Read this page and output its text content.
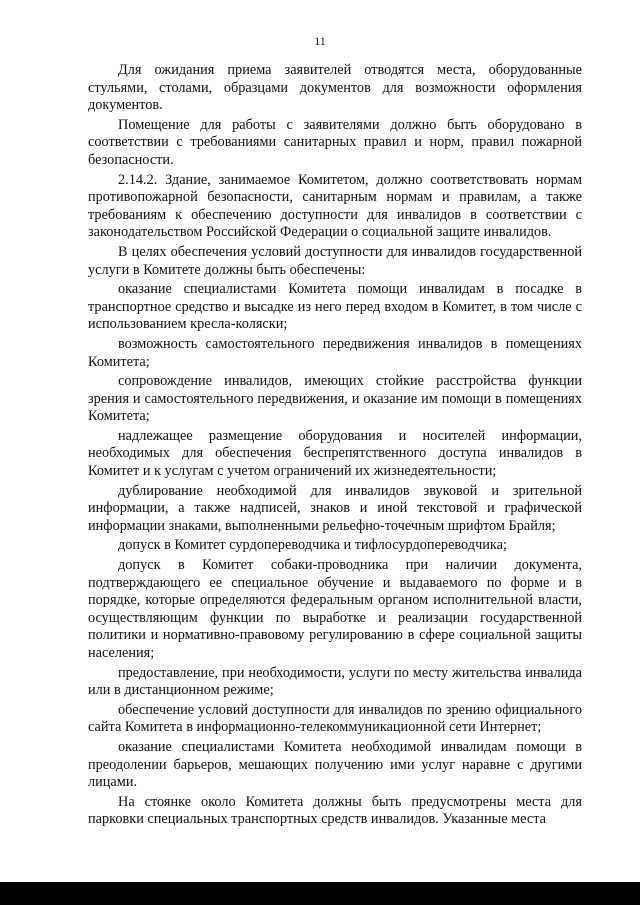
11

Для ожидания приема заявителей отводятся места, оборудованные стульями, столами, образцами документов для возможности оформления документов.

Помещение для работы с заявителями должно быть оборудовано в соответствии с требованиями санитарных правил и норм, правил пожарной безопасности.

2.14.2. Здание, занимаемое Комитетом, должно соответствовать нормам противопожарной безопасности, санитарным нормам и правилам, а также требованиям к обеспечению доступности для инвалидов в соответствии с законодательством Российской Федерации о социальной защите инвалидов.

В целях обеспечения условий доступности для инвалидов государственной услуги в Комитете должны быть обеспечены:

оказание специалистами Комитета помощи инвалидам в посадке в транспортное средство и высадке из него перед входом в Комитет, в том числе с использованием кресла-коляски;

возможность самостоятельного передвижения инвалидов в помещениях Комитета;

сопровождение инвалидов, имеющих стойкие расстройства функции зрения и самостоятельного передвижения, и оказание им помощи в помещениях Комитета;

надлежащее размещение оборудования и носителей информации, необходимых для обеспечения беспрепятственного доступа инвалидов в Комитет и к услугам с учетом ограничений их жизнедеятельности;

дублирование необходимой для инвалидов звуковой и зрительной информации, а также надписей, знаков и иной текстовой и графической информации знаками, выполненными рельефно-точечным шрифтом Брайля;

допуск в Комитет сурдопереводчика и тифлосурдопереводчика;

допуск в Комитет собаки-проводника при наличии документа, подтверждающего ее специальное обучение и выдаваемого по форме и в порядке, которые определяются федеральным органом исполнительной власти, осуществляющим функции по выработке и реализации государственной политики и нормативно-правовому регулированию в сфере социальной защиты населения;

предоставление, при необходимости, услуги по месту жительства инвалида или в дистанционном режиме;

обеспечение условий доступности для инвалидов по зрению официального сайта Комитета в информационно-телекоммуникационной сети Интернет;

оказание специалистами Комитета необходимой инвалидам помощи в преодолении барьеров, мешающих получению ими услуг наравне с другими лицами.

На стоянке около Комитета должны быть предусмотрены места для парковки специальных транспортных средств инвалидов. Указанные места
